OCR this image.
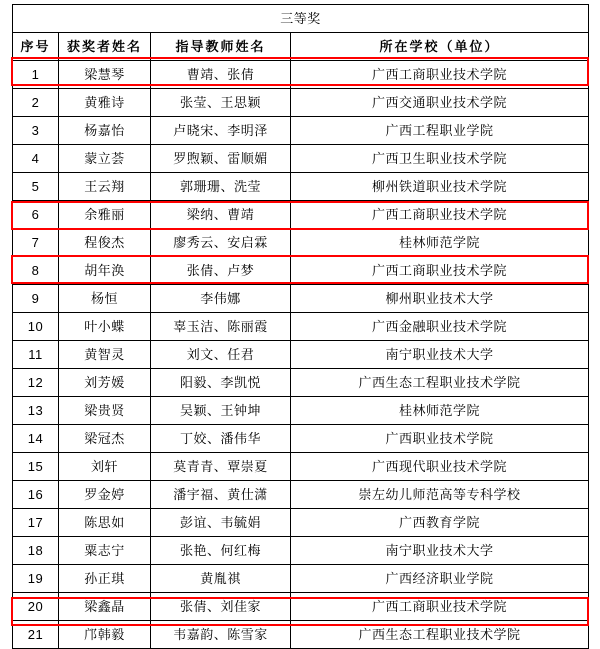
三等奖			

序号	获奖者姓名	指导教师姓名	所在学校（单位）

1	梁慧琴	曹靖、张倩	广西工商职业技术学院

2	黄雅诗	张莹、王思颖	广西交通职业技术学院

3	杨嘉怡	卢晓宋、李明泽	广西工程职业学院

4	蒙立荟	罗煦颖、雷顺媚	广西卫生职业技术学院

5	王云翔	郭珊珊、洗莹	柳州铁道职业技术学院

6	余雅丽	梁纳、曹靖	广西工商职业技术学院

7	程俊杰	廖秀云、安启霖	桂林师范学院

8	胡年涣	张倩、卢梦	广西工商职业技术学院

9	杨恒	李伟娜	柳州职业技术大学

10	叶小蝶	辜玉洁、陈丽霞	广西金融职业技术学院

11	黄智灵	刘文、任君	南宁职业技术大学

12	刘芳媛	阳毅、李凯悦	广西生态工程职业技术学院

13	梁贵贤	吴颖、王钟坤	桂林师范学院

14	梁冠杰	丁姣、潘伟华	广西职业技术学院

15	刘轩	莫青青、覃崇夏	广西现代职业技术学院

16	罗金婷	潘宇福、黄仕潇	崇左幼儿师范高等专科学校

17	陈思如	彭谊、韦毓娟	广西教育学院

18	粟志宁	张艳、何红梅	南宁职业技术大学

19	孙正琪	黄胤祺	广西经济职业学院

20	梁鑫晶	张倩、刘佳家	广西工商职业技术学院

21	邝韩毅	韦嘉韵、陈雪家	广西生态工程职业技术学院
